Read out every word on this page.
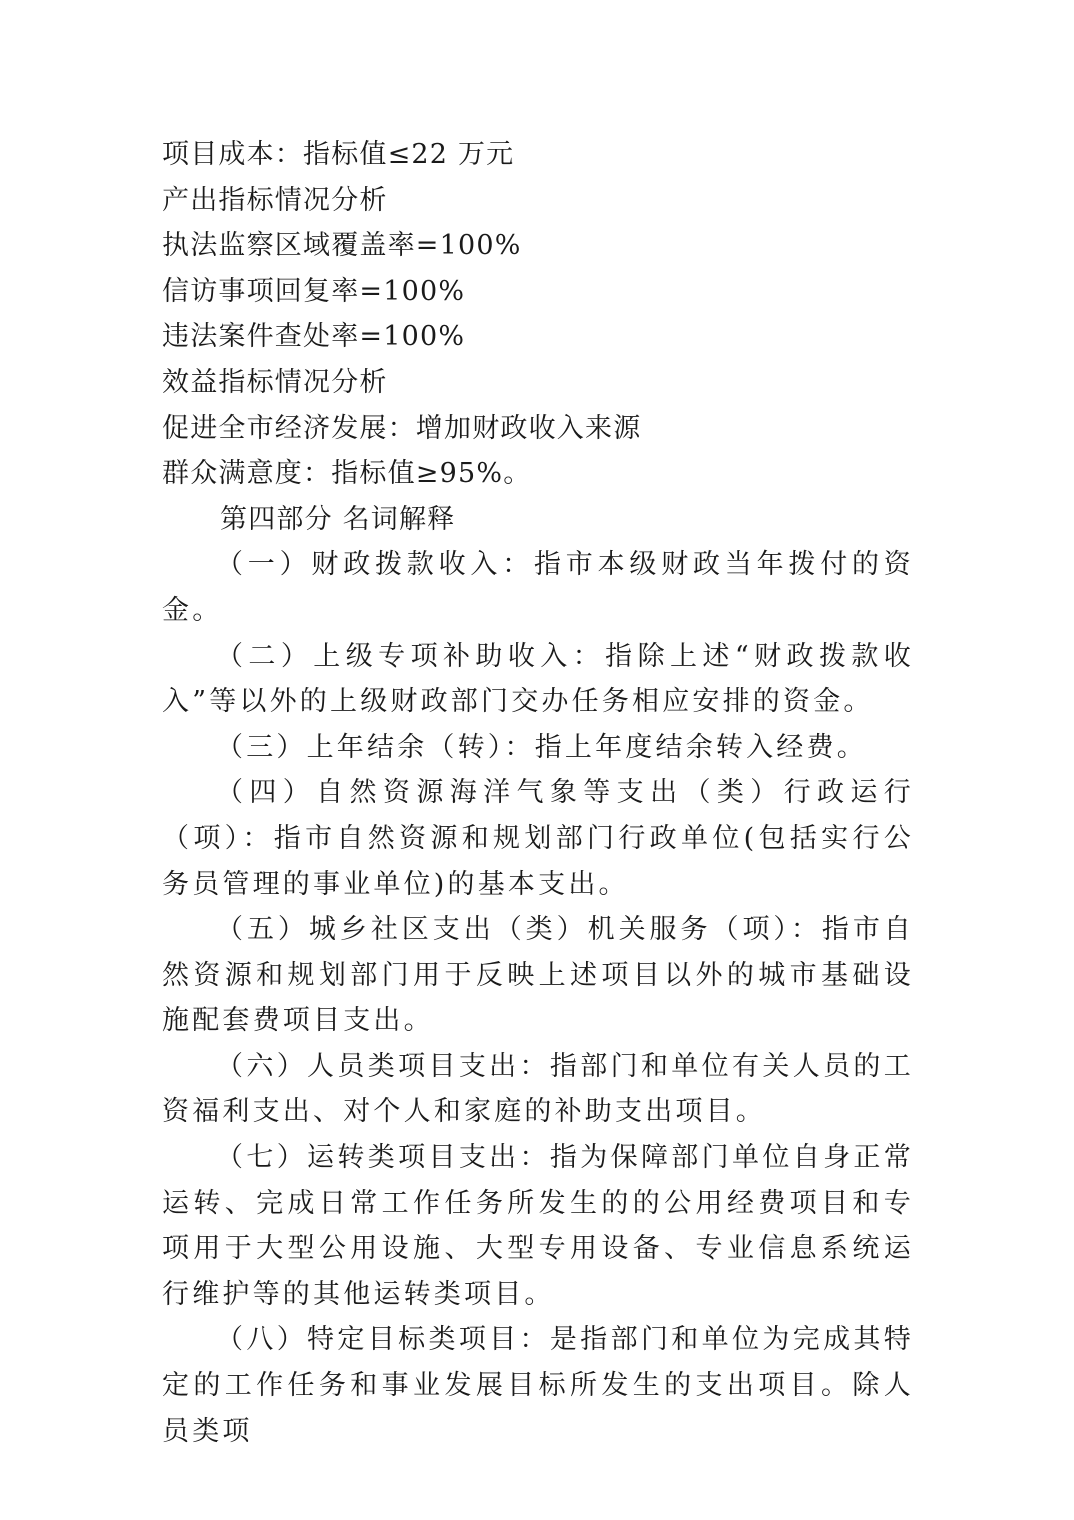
项目成本：指标值≤22 万元
产出指标情况分析
执法监察区域覆盖率=100%
信访事项回复率=100%
违法案件查处率=100%
效益指标情况分析
促进全市经济发展：增加财政收入来源
群众满意度：指标值≥95%。
第四部分 名词解释
（一）财政拨款收入：指市本级财政当年拨付的资金。
（二）上级专项补助收入：指除上述“财政拨款收入”等以外的上级财政部门交办任务相应安排的资金。
（三）上年结余（转）：指上年度结余转入经费。
（四）自然资源海洋气象等支出（类）行政运行（项）：指市自然资源和规划部门行政单位(包括实行公务员管理的事业单位)的基本支出。
（五）城乡社区支出（类）机关服务（项）：指市自然资源和规划部门用于反映上述项目以外的城市基础设施配套费项目支出。
（六）人员类项目支出：指部门和单位有关人员的工资福利支出、对个人和家庭的补助支出项目。
（七）运转类项目支出：指为保障部门单位自身正常运转、完成日常工作任务所发生的的公用经费项目和专项用于大型公用设施、大型专用设备、专业信息系统运行维护等的其他运转类项目。
（八）特定目标类项目：是指部门和单位为完成其特定的工作任务和事业发展目标所发生的支出项目。除人员类项
